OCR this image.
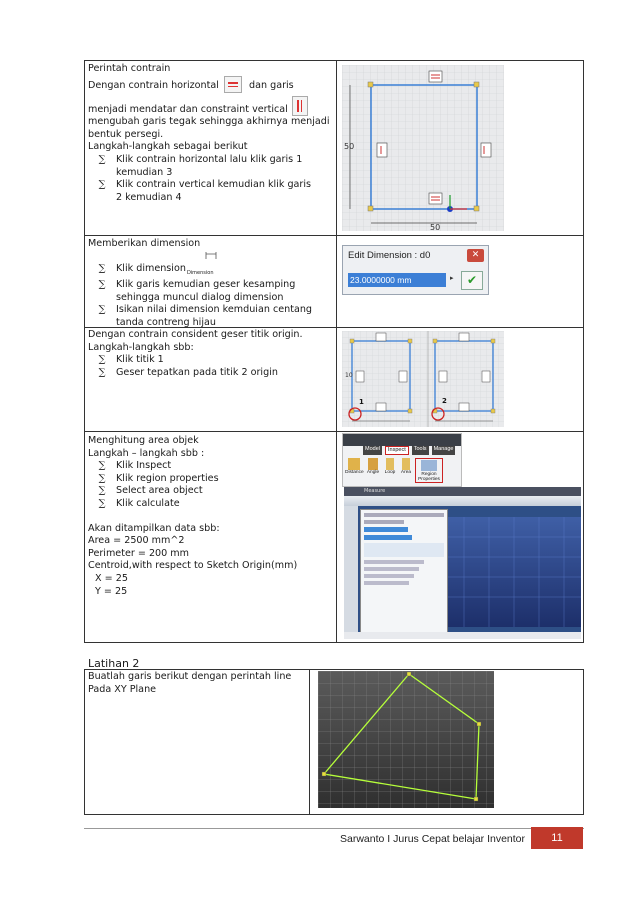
Perintah contrain
Dengan contrain horizontal	dan garis
menjadi mendatar dan constraint vertical
mengubah garis tegak sehingga akhirnya menjadi
bentuk persegi.
Langkah-langkah sebagai berikut
∑	Klik contrain horizontal lalu klik garis 1
kemudian 3
∑	Klik contrain vertical kemudian klik garis
2 kemudian 4
50
50
Memberikan dimension
∑	Klik dimension Dimension
∑	Klik garis kemudian geser kesamping
sehingga muncul dialog dimension
∑	Isikan nilai dimension kemduian centang
tanda contreng hijau
Edit Dimension : d0	✕
23.0000000 mm	▸	✔
Dengan contrain consident geser titik origin.
Langkah-langkah sbb:
∑	Klik titik 1
∑	Geser tepatkan pada titik 2 origin
1	2
10
Menghitung area objek
Langkah – langkah sbb :
∑	Klik Inspect
∑	Klik region properties
∑	Select area object
∑	Klik calculate
Akan ditampilkan data sbb:
Area = 2500 mm^2
Perimeter = 200 mm
Centroid,with respect to Sketch Origin(mm)
X = 25
Y = 25
Model	Inspect	Tools	Manage
Distance Angle	Loop	Area	Region Properties
Measure
Latihan 2
Buatlah garis berikut dengan perintah line
Pada XY Plane
Sarwanto I Jurus Cepat belajar Inventor	11
